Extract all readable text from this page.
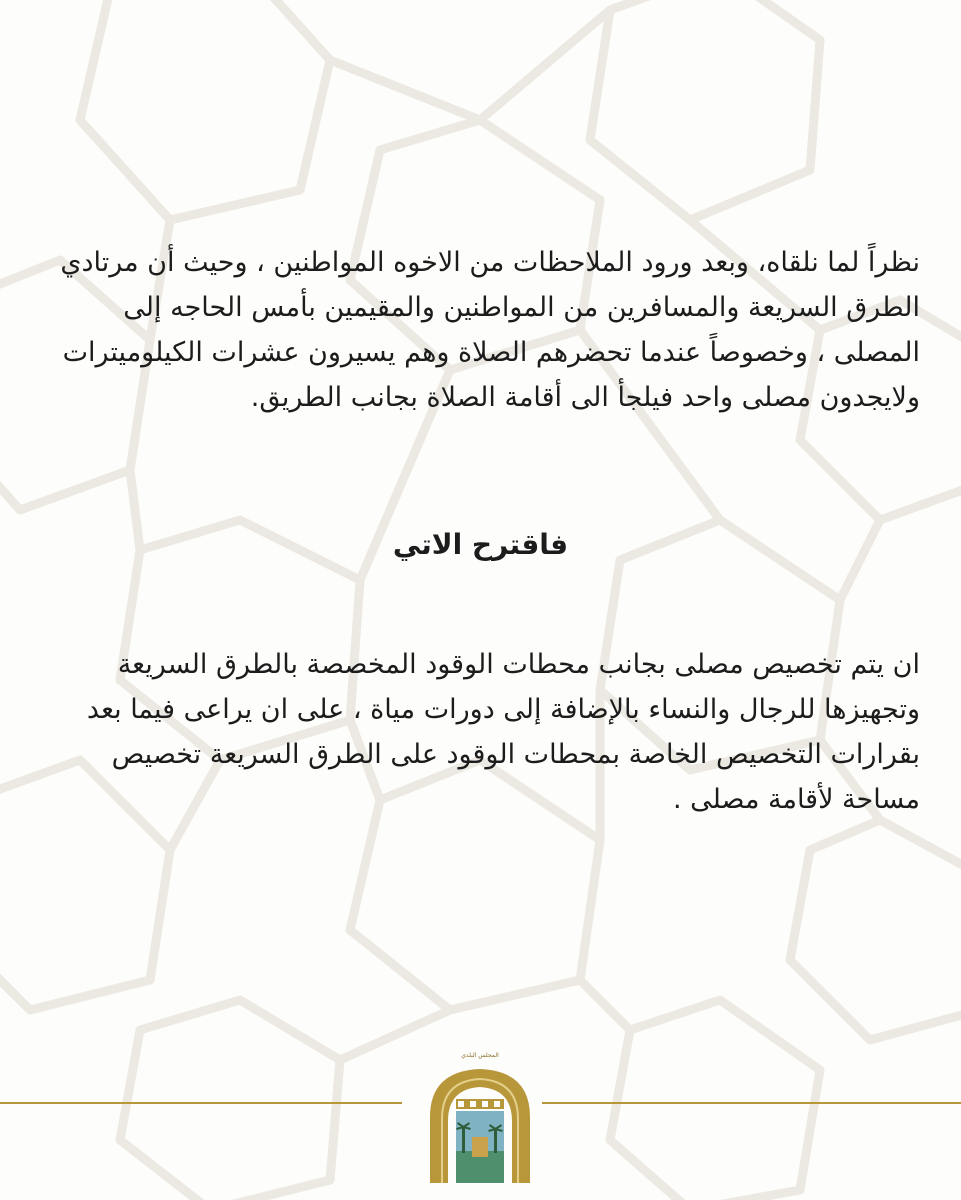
نظراً لما نلقاه، وبعد ورود الملاحظات من الاخوه المواطنين ، وحيث أن مرتادي الطرق السريعة والمسافرين من المواطنين والمقيمين بأمس الحاجه إلى المصلى ، وخصوصاً عندما تحضرهم الصلاة وهم يسيرون عشرات الكيلوميترات ولايجدون مصلى واحد فيلجأ الى أقامة الصلاة بجانب الطريق.

فاقترح الاتي

ان يتم تخصيص مصلى بجانب محطات الوقود المخصصة بالطرق السريعة وتجهيزها للرجال والنساء بالإضافة إلى دورات مياة ، على ان يراعى فيما بعد بقرارات التخصيص الخاصة بمحطات الوقود على الطرق السريعة تخصيص مساحة لأقامة مصلى .

المجلس البلدي
